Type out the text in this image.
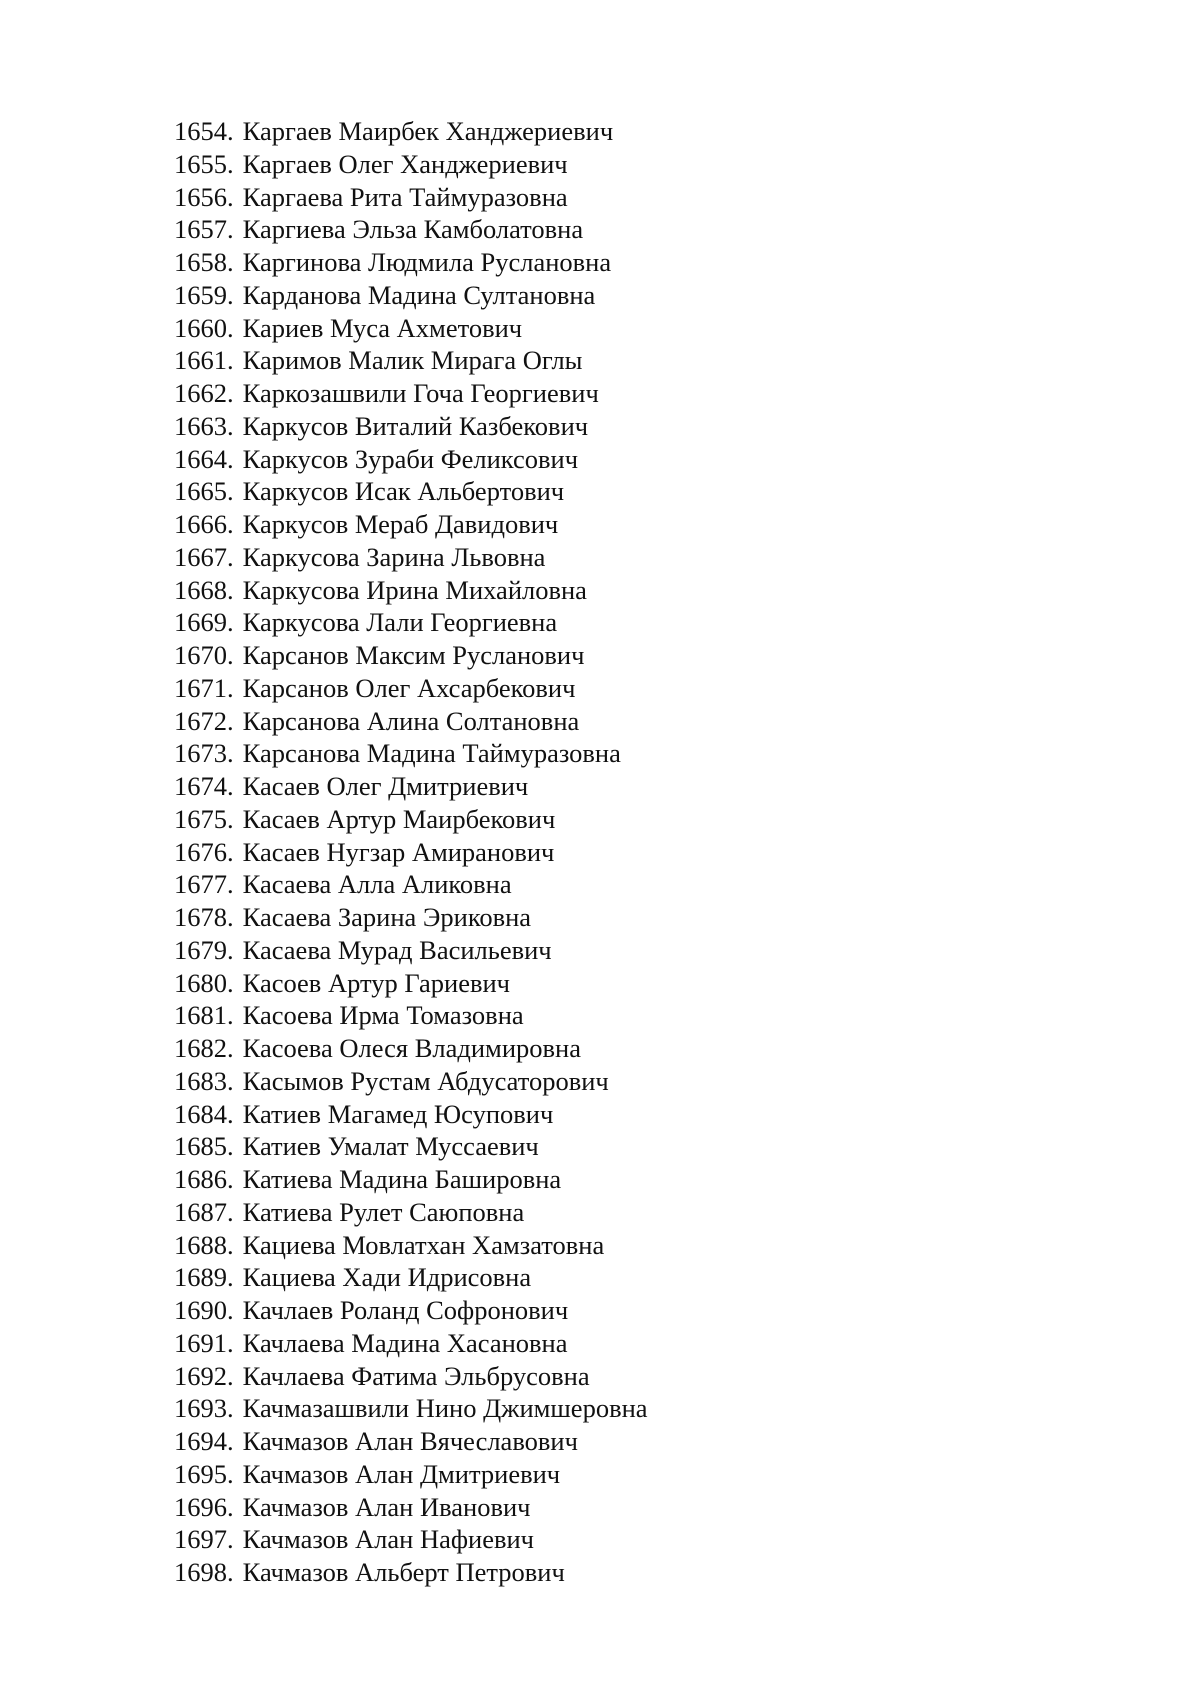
1654. Каргаев Маирбек Ханджериевич
1655. Каргаев Олег Ханджериевич
1656. Каргаева Рита Таймуразовна
1657. Каргиева Эльза Камболатовна
1658. Каргинова Людмила Руслановна
1659. Карданова Мадина Султановна
1660. Кариев Муса Ахметович
1661. Каримов Малик Мирага Оглы
1662. Каркозашвили Гоча Георгиевич
1663. Каркусов Виталий Казбекович
1664. Каркусов Зураби Феликсович
1665. Каркусов Исак Альбертович
1666. Каркусов Мераб Давидович
1667. Каркусова Зарина Львовна
1668. Каркусова Ирина Михайловна
1669. Каркусова Лали Георгиевна
1670. Карсанов Максим Русланович
1671. Карсанов Олег Ахсарбекович
1672. Карсанова Алина Солтановна
1673. Карсанова Мадина Таймуразовна
1674. Касаев Олег Дмитриевич
1675. Касаев Артур Маирбекович
1676. Касаев Нугзар Амиранович
1677. Касаева Алла Аликовна
1678. Касаева Зарина Эриковна
1679. Касаева Мурад Васильевич
1680. Касоев Артур Гариевич
1681. Касоева Ирма Томазовна
1682. Касоева Олеся Владимировна
1683. Касымов Рустам Абдусаторович
1684. Катиев Магамед Юсупович
1685. Катиев Умалат Муссаевич
1686. Катиева Мадина Башировна
1687. Катиева Рулет Саюповна
1688. Кациева Мовлатхан Хамзатовна
1689. Кациева Хади Идрисовна
1690. Качлаев Роланд Софронович
1691. Качлаева Мадина Хасановна
1692. Качлаева Фатима Эльбрусовна
1693. Качмазашвили Нино Джимшеровна
1694. Качмазов Алан Вячеславович
1695. Качмазов Алан Дмитриевич
1696. Качмазов Алан Иванович
1697. Качмазов Алан Нафиевич
1698. Качмазов Альберт Петрович
